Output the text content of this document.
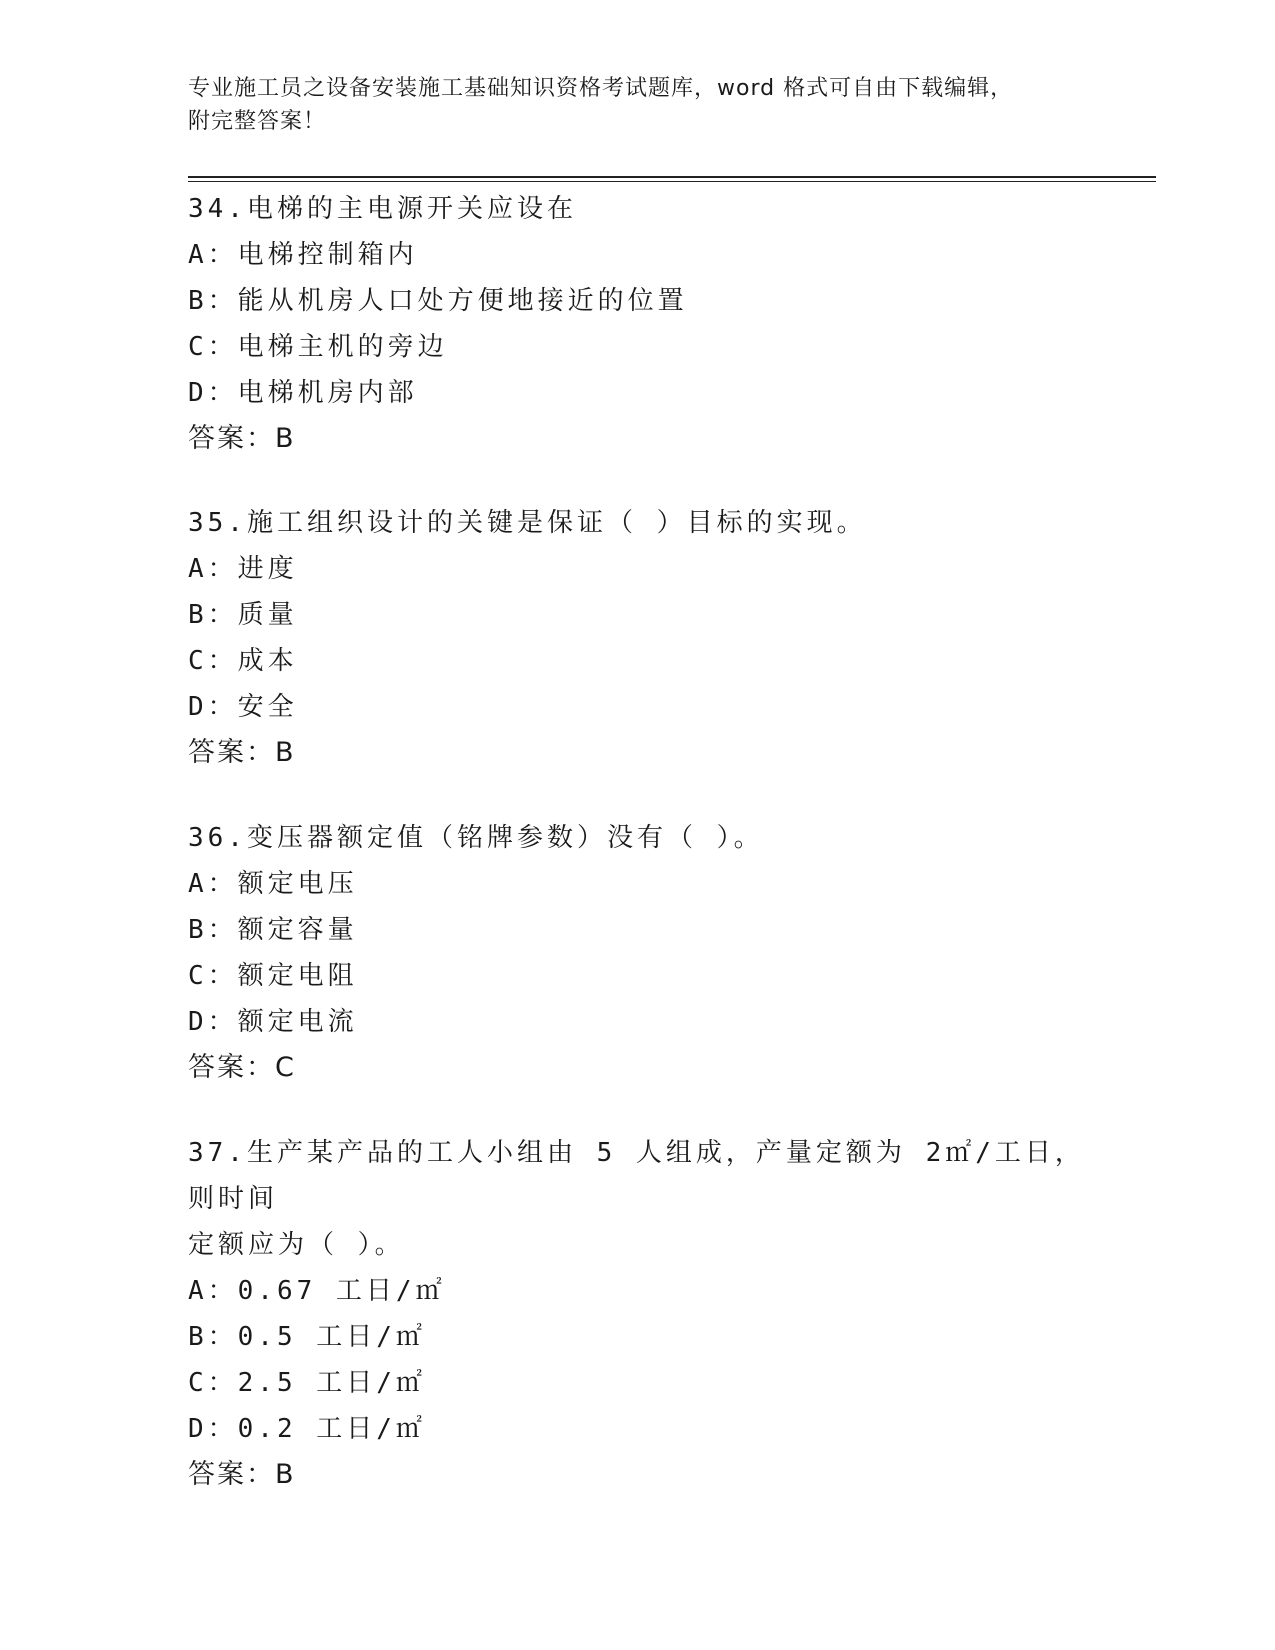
专业施工员之设备安装施工基础知识资格考试题库，word 格式可自由下载编辑，
附完整答案！

34.电梯的主电源开关应设在

A：电梯控制箱内

B：能从机房人口处方便地接近的位置

C：电梯主机的旁边

D：电梯机房内部

答案：B

35.施工组织设计的关键是保证（ ）目标的实现。

A：进度

B：质量

C：成本

D：安全

答案：B

36.变压器额定值（铭牌参数）没有（ ）。

A：额定电压

B：额定容量

C：额定电阻

D：额定电流

答案：C

37.生产某产品的工人小组由 5 人组成，产量定额为 2㎡/工日，则时间

定额应为（ ）。

A：0.67 工日/㎡

B：0.5 工日/㎡

C：2.5 工日/㎡

D：0.2 工日/㎡

答案：B
